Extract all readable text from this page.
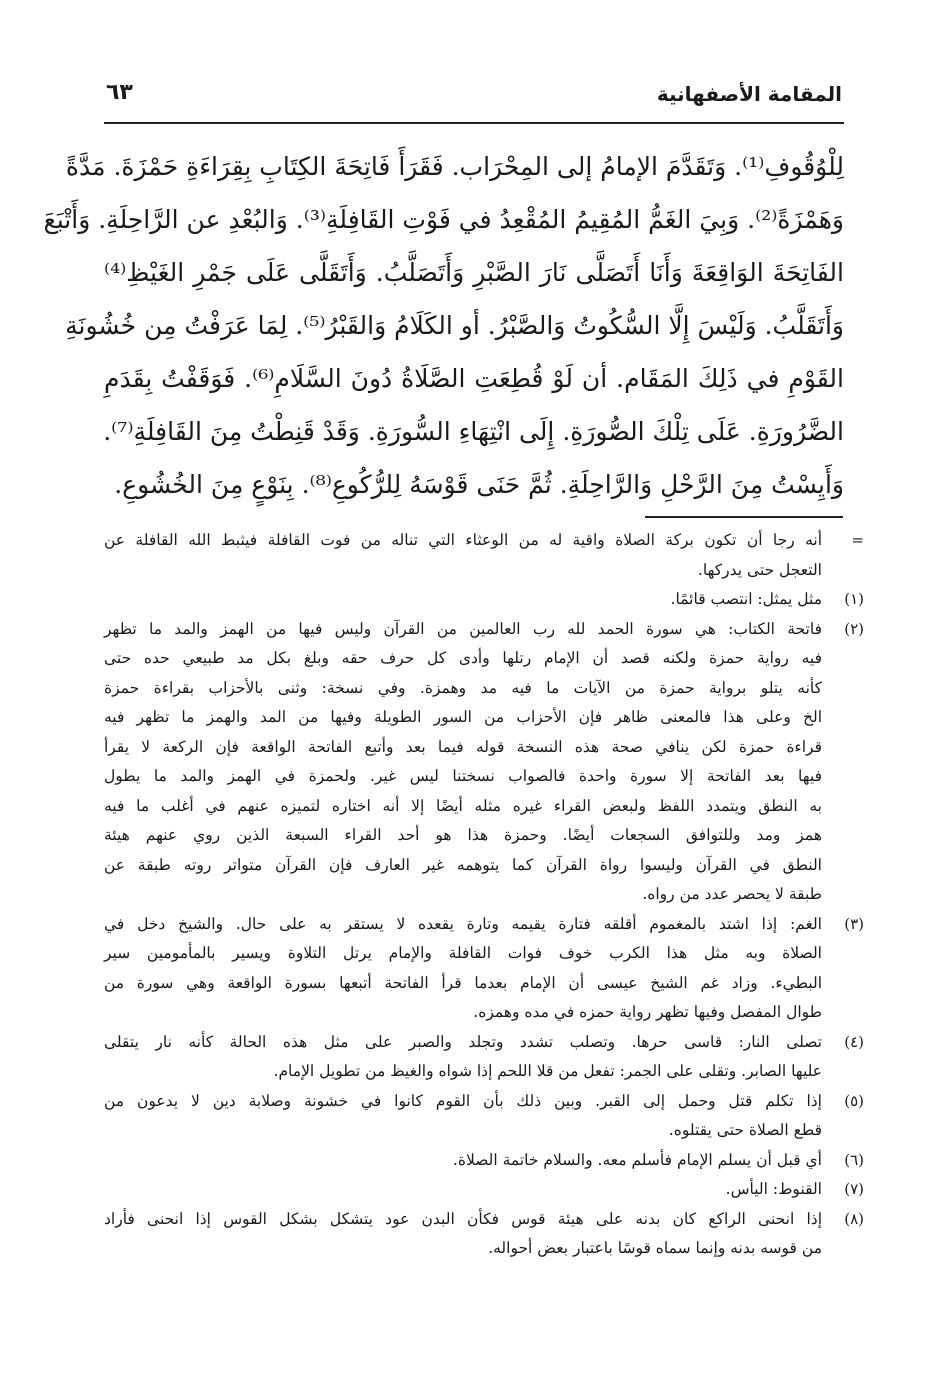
المقامة الأصفهانية
٦٣
لِلْوُقُوفِ⁽¹⁾. وَتَقَدَّمَ الإمامُ إلى المِحْرَاب. فَقَرَأَ فَاتِحَةَ الكِتَابِ بِقِرَاءَةِ حَمْزَةَ. مَدَّةً
وَهَمْزَةً⁽²⁾. وَبِيَ الغَمُّ المُقِيمُ المُقْعِدُ في فَوْتِ القَافِلَةِ⁽³⁾. وَالبُعْدِ عن الرَّاحِلَةِ. وَأَتْبَعَ
الفَاتِحَةَ الوَاقِعَةَ وَأَنَا أَتَصَلَّى نَارَ الصَّبْرِ وَأَتَصَلَّبُ. وَأَتَقَلَّى عَلَى جَمْرِ الغَيْظِ⁽⁴⁾
وَأَتَقَلَّبُ. وَلَيْسَ إِلَّا السُّكُوتُ وَالصَّبْرُ. أو الكَلَامُ وَالقَبْرُ⁽⁵⁾. لِمَا عَرَفْتُ مِن خُشُونَةِ
القَوْمِ في ذَلِكَ المَقَام. أن لَوْ قُطِعَتِ الصَّلَاةُ دُونَ السَّلَامِ⁽⁶⁾. فَوَقَفْتُ بِقَدَمِ
الضَّرُورَةِ. عَلَى تِلْكَ الصُّورَةِ. إِلَى انْتِهَاءِ السُّورَةِ. وَقَدْ قَنِطْتُ مِنَ القَافِلَةِ⁽⁷⁾.
وَأَيِسْتُ مِنَ الرَّحْلِ وَالرَّاحِلَةِ. ثُمَّ حَنَى قَوْسَهُ لِلرُّكُوعِ⁽⁸⁾. بِنَوْعٍ مِنَ الخُشُوعِ.
=
أنه رجا أن تكون بركة الصلاة واقية له من الوعثاء التي تناله من فوت القافلة فيثبط الله القافلة عن
التعجل حتى يدركها.
(١)
مثل يمثل: انتصب قائمًا.
(٢)
فاتحة الكتاب: هي سورة الحمد لله رب العالمين من القرآن وليس فيها من الهمز والمد ما تظهر
فيه رواية حمزة ولكنه قصد أن الإمام رتلها وأدى كل حرف حقه وبلغ بكل مد طبيعي حده حتى
كأنه يتلو برواية حمزة من الآيات ما فيه مد وهمزة. وفي نسخة: وثنى بالأحزاب بقراءة حمزة
الخ وعلى هذا فالمعنى ظاهر فإن الأحزاب من السور الطويلة وفيها من المد والهمز ما تظهر فيه
قراءة حمزة لكن ينافي صحة هذه النسخة قوله فيما بعد وأتبع الفاتحة الواقعة فإن الركعة لا يقرأ
فيها بعد الفاتحة إلا سورة واحدة فالصواب نسختنا ليس غير. ولحمزة في الهمز والمد ما يطول
به النطق ويتمدد اللفظ ولبعض القراء غيره مثله أيضًا إلا أنه اختاره لتميزه عنهم في أغلب ما فيه
همز ومد وللتوافق السجعات أيضًا. وحمزة هذا هو أحد القراء السبعة الذين روي عنهم هيئة
النطق في القرآن وليسوا رواة القرآن كما يتوهمه غير العارف فإن القرآن متواتر روته طبقة عن
طبقة لا يحصر عدد من رواه.
(٣)
الغم: إذا اشتد بالمغموم أقلقه فتارة يقيمه وتارة يقعده لا يستقر به على حال. والشيخ دخل في
الصلاة وبه مثل هذا الكرب خوف فوات القافلة والإمام يرتل التلاوة ويسير بالمأمومين سير
البطيء. وزاد غم الشيخ عيسى أن الإمام بعدما قرأ الفاتحة أتبعها بسورة الواقعة وهي سورة من
طوال المفصل وفيها تظهر رواية حمزه في مده وهمزه.
(٤)
تصلى النار: قاسى حرها. وتصلب تشدد وتجلد والصبر على مثل هذه الحالة كأنه نار يتقلى
عليها الصابر. وتقلى على الجمر: تفعل من قلا اللحم إذا شواه والغيظ من تطويل الإمام.
(٥)
إذا تكلم قتل وحمل إلى القبر. وبين ذلك بأن القوم كانوا في خشونة وصلابة دين لا يدعون من
قطع الصلاة حتى يقتلوه.
(٦)
أي قبل أن يسلم الإمام فأسلم معه. والسلام خاتمة الصلاة.
(٧)
القنوط: اليأس.
(٨)
إذا انحنى الراكع كان بدنه على هيئة قوس فكأن البدن عود يتشكل بشكل القوس إذا انحنى فأراد
من قوسه بدنه وإنما سماه قوسًا باعتبار بعض أحواله.
